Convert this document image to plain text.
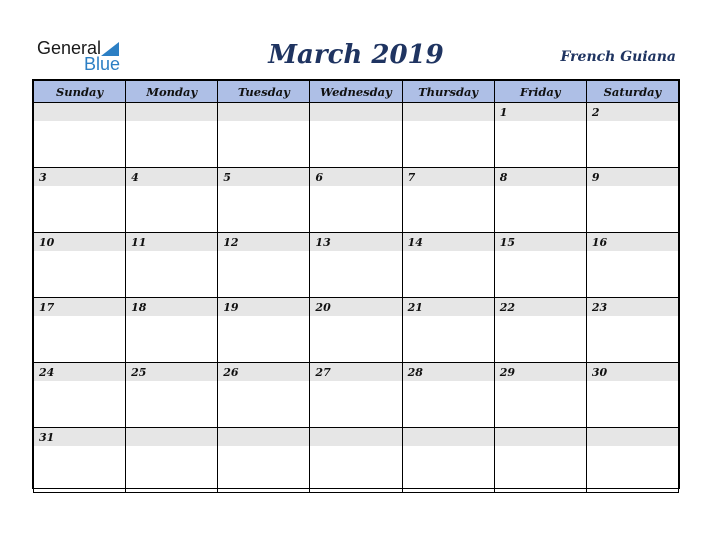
General
Blue	March 2019	French Guiana
Sunday	Monday	Tuesday	Wednesday	Thursday	Friday	Saturday

					1	2

3	4	5	6	7	8	9

10	11	12	13	14	15	16

17	18	19	20	21	22	23

24	25	26	27	28	29	30

31						
